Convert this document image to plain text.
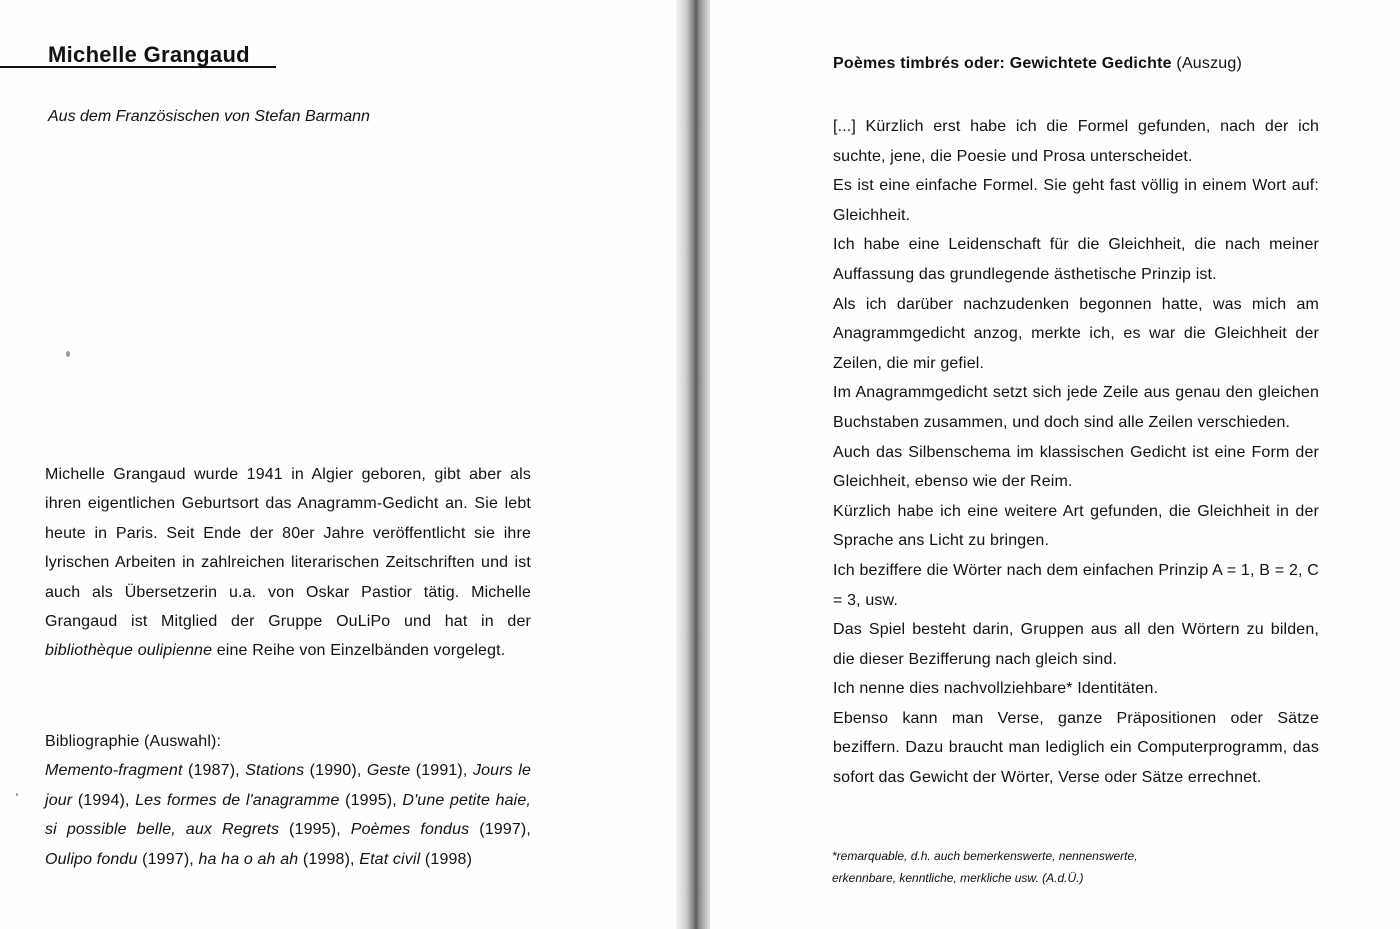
Michelle Grangaud
Aus dem Französischen von Stefan Barmann
Michelle Grangaud wurde 1941 in Algier geboren, gibt aber als ihren eigentlichen Geburtsort das Anagramm-Gedicht an. Sie lebt heute in Paris. Seit Ende der 80er Jahre veröffentlicht sie ihre lyrischen Arbeiten in zahlreichen literarischen Zeitschriften und ist auch als Übersetzerin u.a. von Oskar Pastior tätig. Michelle Grangaud ist Mitglied der Gruppe OuLiPo und hat in der bibliothèque oulipienne eine Reihe von Einzelbänden vorgelegt.

Bibliographie (Auswahl):

Memento-fragment (1987), Stations (1990), Geste (1991), Jours le jour (1994), Les formes de l'anagramme (1995), D'une petite haie, si possible belle, aux Regrets (1995), Poèmes fondus (1997), Oulipo fondu (1997), ha ha o ah ah (1998), Etat civil (1998)

Poèmes timbrés oder: Gewichtete Gedichte (Auszug)

[...] Kürzlich erst habe ich die Formel gefunden, nach der ich suchte, jene, die Poesie und Prosa unterscheidet.

Es ist eine einfache Formel. Sie geht fast völlig in einem Wort auf: Gleichheit.

Ich habe eine Leidenschaft für die Gleichheit, die nach meiner Auffassung das grundlegende ästhetische Prinzip ist.

Als ich darüber nachzudenken begonnen hatte, was mich am Anagrammgedicht anzog, merkte ich, es war die Gleichheit der Zeilen, die mir gefiel.

Im Anagrammgedicht setzt sich jede Zeile aus genau den gleichen Buchstaben zusammen, und doch sind alle Zeilen verschieden.

Auch das Silbenschema im klassischen Gedicht ist eine Form der Gleichheit, ebenso wie der Reim.

Kürzlich habe ich eine weitere Art gefunden, die Gleichheit in der Sprache ans Licht zu bringen.

Ich beziffere die Wörter nach dem einfachen Prinzip A = 1, B = 2, C = 3, usw.

Das Spiel besteht darin, Gruppen aus all den Wörtern zu bilden, die dieser Bezifferung nach gleich sind.

Ich nenne dies nachvollziehbare* Identitäten.

Ebenso kann man Verse, ganze Präpositionen oder Sätze beziffern. Dazu braucht man lediglich ein Computerprogramm, das sofort das Gewicht der Wörter, Verse oder Sätze errechnet.

*remarquable, d.h. auch bemerkenswerte, nennenswerte, erkennbare, kenntliche, merkliche usw. (A.d.Ü.)
